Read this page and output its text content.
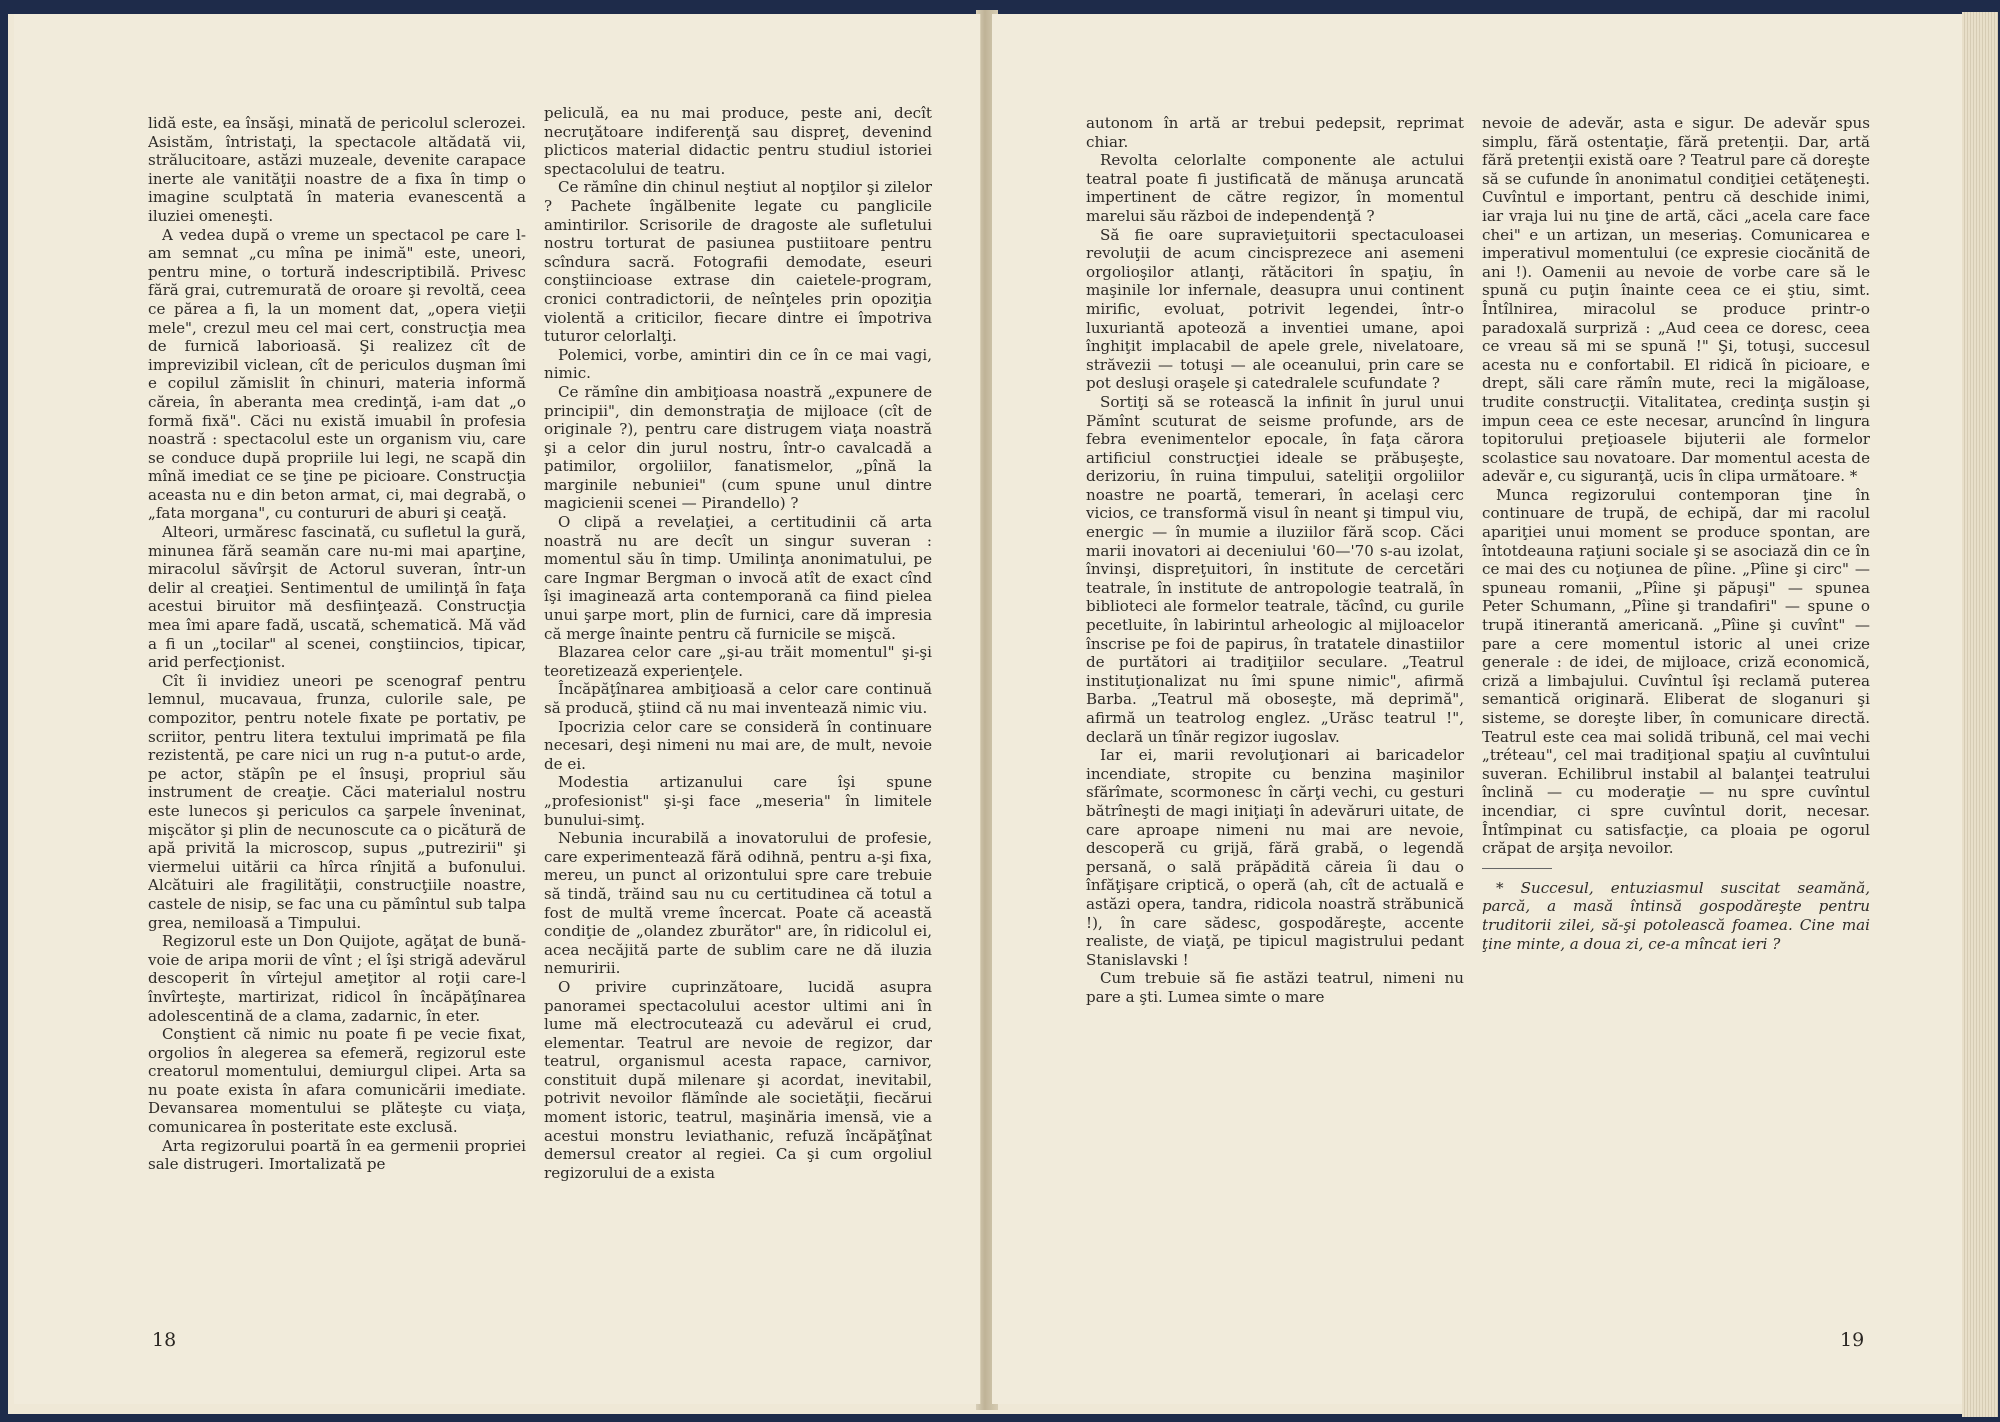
lidă este, ea însăşi, minată de pericolul sclerozei. Asistăm, întristaţi, la spectacole altădată vii, strălucitoare, astăzi muzeale, devenite carapace inerte ale vanităţii noastre de a fixa în timp o imagine sculptată în materia evanescentă a iluziei omeneşti.

A vedea după o vreme un spectacol pe care l-am semnat „cu mîna pe inimă" este, uneori, pentru mine, o tortură indescriptibilă. Privesc fără grai, cutremurată de oroare şi revoltă, ceea ce părea a fi, la un moment dat, „opera vieţii mele", crezul meu cel mai cert, construcţia mea de furnică laborioasă. Şi realizez cît de imprevizibil viclean, cît de periculos duşman îmi e copilul zămislit în chinuri, materia informă căreia, în aberanta mea credinţă, i-am dat „o formă fixă". Căci nu există imuabil în profesia noastră : spectacolul este un organism viu, care se conduce după propriile lui legi, ne scapă din mînă imediat ce se ţine pe picioare. Construcţia aceasta nu e din beton armat, ci, mai degrabă, o „fata morgana", cu contururi de aburi şi ceaţă.

Alteori, urmăresc fascinată, cu sufletul la gură, minunea fără seamăn care nu-mi mai aparţine, miracolul săvîrşit de Actorul suveran, într-un delir al creaţiei. Sentimentul de umilinţă în faţa acestui biruitor mă desfiinţează. Construcţia mea îmi apare fadă, uscată, schematică. Mă văd a fi un „tocilar" al scenei, conştiincios, tipicar, arid perfecţionist.

Cît îi invidiez uneori pe scenograf pentru lemnul, mucavaua, frunza, culorile sale, pe compozitor, pentru notele fixate pe portativ, pe scriitor, pentru litera textului imprimată pe fila rezistentă, pe care nici un rug n-a putut-o arde, pe actor, stăpîn pe el însuşi, propriul său instrument de creaţie. Căci materialul nostru este lunecos şi periculos ca şarpele înveninat, mişcător şi plin de necunoscute ca o picătură de apă privită la microscop, supus „putrezirii" şi viermelui uitării ca hîrca rînjită a bufonului. Alcătuiri ale fragilităţii, construcţiile noastre, castele de nisip, se fac una cu pămîntul sub talpa grea, nemiloasă a Timpului.

Regizorul este un Don Quijote, agăţat de bună-voie de aripa morii de vînt ; el îşi strigă adevărul descoperit în vîrtejul ameţitor al roţii care-l învîrteşte, martirizat, ridicol în încăpăţînarea adolescentină de a clama, zadarnic, în eter.

Conştient că nimic nu poate fi pe vecie fixat, orgolios în alegerea sa efemeră, regizorul este creatorul momentului, demiurgul clipei. Arta sa nu poate exista în afara comunicării imediate. Devansarea momentului se plăteşte cu viaţa, comunicarea în posteritate este exclusă.

Arta regizorului poartă în ea germenii propriei sale distrugeri. Imortalizată pe

peliculă, ea nu mai produce, peste ani, decît necruţătoare indiferenţă sau dispreţ, devenind plicticos material didactic pentru studiul istoriei spectacolului de teatru.

Ce rămîne din chinul neştiut al nopţilor şi zilelor ? Pachete îngălbenite legate cu panglicile amintirilor. Scrisorile de dragoste ale sufletului nostru torturat de pasiunea pustiitoare pentru scîndura sacră. Fotografii demodate, eseuri conştiincioase extrase din caietele-program, cronici contradictorii, de neînţeles prin opoziţia violentă a criticilor, fiecare dintre ei împotriva tuturor celorlalţi.

Polemici, vorbe, amintiri din ce în ce mai vagi, nimic.

Ce rămîne din ambiţioasa noastră „expunere de principii", din demonstraţia de mijloace (cît de originale ?), pentru care distrugem viaţa noastră şi a celor din jurul nostru, într-o cavalcadă a patimilor, orgoliilor, fanatismelor, „pînă la marginile nebuniei" (cum spune unul dintre magicienii scenei — Pirandello) ?

O clipă a revelaţiei, a certitudinii că arta noastră nu are decît un singur suveran : momentul său în timp. Umilinţa anonimatului, pe care Ingmar Bergman o invocă atît de exact cînd îşi imaginează arta contemporană ca fiind pielea unui şarpe mort, plin de furnici, care dă impresia că merge înainte pentru că furnicile se mişcă.

Blazarea celor care „şi-au trăit momentul" şi-şi teoretizează experienţele.

Încăpăţînarea ambiţioasă a celor care continuă să producă, ştiind că nu mai inventează nimic viu.

Ipocrizia celor care se consideră în continuare necesari, deşi nimeni nu mai are, de mult, nevoie de ei.

Modestia artizanului care îşi spune „profesionist" şi-şi face „meseria" în limitele bunului-simţ.

Nebunia incurabilă a inovatorului de profesie, care experimentează fără odihnă, pentru a-şi fixa, mereu, un punct al orizontului spre care trebuie să tindă, trăind sau nu cu certitudinea că totul a fost de multă vreme încercat. Poate că această condiţie de „olandez zburător" are, în ridicolul ei, acea necăjită parte de sublim care ne dă iluzia nemuririi.

O privire cuprinzătoare, lucidă asupra panoramei spectacolului acestor ultimi ani în lume mă electrocutează cu adevărul ei crud, elementar. Teatrul are nevoie de regizor, dar teatrul, organismul acesta rapace, carnivor, constituit după milenare şi acordat, inevitabil, potrivit nevoilor flămînde ale societăţii, fiecărui moment istoric, teatrul, maşinăria imensă, vie a acestui monstru leviathanic, refuză încăpăţînat demersul creator al regiei. Ca şi cum orgoliul regizorului de a exista

18

autonom în artă ar trebui pedepsit, reprimat chiar.

Revolta celorlalte componente ale actului teatral poate fi justificată de mănuşa aruncată impertinent de către regizor, în momentul marelui său război de independenţă ?

Să fie oare supravieţuitorii spectaculoasei revoluţii de acum cincisprezece ani asemeni orgolioşilor atlanţi, rătăcitori în spaţiu, în maşinile lor infernale, deasupra unui continent mirific, evoluat, potrivit legendei, într-o luxuriantă apoteoză a inventiei umane, apoi înghiţit implacabil de apele grele, nivelatoare, străvezii — totuşi — ale oceanului, prin care se pot desluşi oraşele şi catedralele scufundate ?

Sortiţi să se rotească la infinit în jurul unui Pămînt scuturat de seisme profunde, ars de febra evenimentelor epocale, în faţa cărora artificiul construcţiei ideale se prăbuşeşte, derizoriu, în ruina timpului, sateliţii orgoliilor noastre ne poartă, temerari, în acelaşi cerc vicios, ce transformă visul în neant şi timpul viu, energic — în mumie a iluziilor fără scop. Căci marii inovatori ai deceniului '60—'70 s-au izolat, învinşi, dispreţuitori, în institute de cercetări teatrale, în institute de antropologie teatrală, în biblioteci ale formelor teatrale, tăcînd, cu gurile pecetluite, în labirintul arheologic al mijloacelor înscrise pe foi de papirus, în tratatele dinastiilor de purtători ai tradiţiilor seculare. „Teatrul instituţionalizat nu îmi spune nimic", afirmă Barba. „Teatrul mă oboseşte, mă deprimă", afirmă un teatrolog englez. „Urăsc teatrul !", declară un tînăr regizor iugoslav.

Iar ei, marii revoluţionari ai baricadelor incendiate, stropite cu benzina maşinilor sfărîmate, scormonesc în cărţi vechi, cu gesturi bătrîneşti de magi iniţiaţi în adevăruri uitate, de care aproape nimeni nu mai are nevoie, descoperă cu grijă, fără grabă, o legendă persană, o sală prăpădită căreia îi dau o înfăţişare criptică, o operă (ah, cît de actuală e astăzi opera, tandra, ridicola noastră străbunică !), în care sădesc, gospodăreşte, accente realiste, de viaţă, pe tipicul magistrului pedant Stanislavski !

Cum trebuie să fie astăzi teatrul, nimeni nu pare a şti. Lumea simte o mare

nevoie de adevăr, asta e sigur. De adevăr spus simplu, fără ostentaţie, fără pretenţii. Dar, artă fără pretenţii există oare ? Teatrul pare că doreşte să se cufunde în anonimatul condiţiei cetăţeneşti. Cuvîntul e important, pentru că deschide inimi, iar vraja lui nu ţine de artă, căci „acela care face chei" e un artizan, un meseriaş. Comunicarea e imperativul momentului (ce expresie ciocănită de ani !). Oamenii au nevoie de vorbe care să le spună cu puţin înainte ceea ce ei ştiu, simt. Întîlnirea, miracolul se produce printr-o paradoxală surpriză : „Aud ceea ce doresc, ceea ce vreau să mi se spună !" Şi, totuşi, succesul acesta nu e confortabil. El ridică în picioare, e drept, săli care rămîn mute, reci la migăloase, trudite construcţii. Vitalitatea, credinţa susţin şi impun ceea ce este necesar, aruncînd în lingura topitorului preţioasele bijuterii ale formelor scolastice sau novatoare. Dar momentul acesta de adevăr e, cu siguranţă, ucis în clipa următoare. *

Munca regizorului contemporan ţine în continuare de trupă, de echipă, dar mi racolul apariţiei unui moment se produce spontan, are întotdeauna raţiuni sociale şi se asociază din ce în ce mai des cu noţiunea de pîine. „Pîine şi circ" — spuneau romanii, „Pîine şi păpuşi" — spunea Peter Schumann, „Pîine şi trandafiri" — spune o trupă itinerantă americană. „Pîine şi cuvînt" — pare a cere momentul istoric al unei crize generale : de idei, de mijloace, criză economică, criză a limbajului. Cuvîntul îşi reclamă puterea semantică originară. Eliberat de sloganuri şi sisteme, se doreşte liber, în comunicare directă. Teatrul este cea mai solidă tribună, cel mai vechi „tréteau", cel mai tradiţional spaţiu al cuvîntului suveran. Echilibrul instabil al balanţei teatrului înclină — cu moderaţie — nu spre cuvîntul incendiar, ci spre cuvîntul dorit, necesar. Întîmpinat cu satisfacţie, ca ploaia pe ogorul crăpat de arşiţa nevoilor.

* Succesul, entuziasmul suscitat seamănă, parcă, a masă întinsă gospodăreşte pentru truditorii zilei, să-şi potolească foamea. Cine mai ţine minte, a doua zi, ce-a mîncat ieri ?

19
